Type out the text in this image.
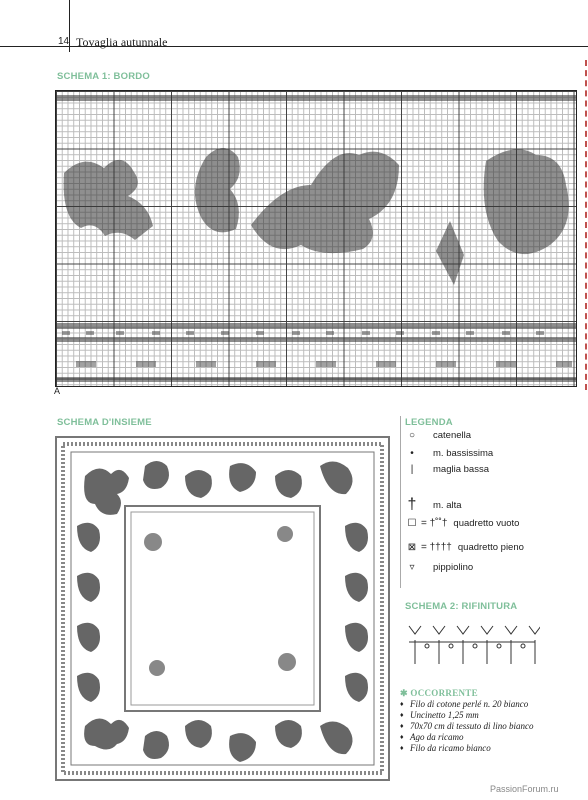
14 Tovaglia autunnale
SCHEMA 1: BORDO
A
SCHEMA D'INSIEME	LEGENDA
○	catenella
•	m. bassissima
|	maglia bassa
† m. alta
☐ = †˚˚† quadretto vuoto
⊠ = †††† quadretto pieno
▿	pippiolino
SCHEMA 2: RIFINITURA
✱ OCCORRENTE
♦ Filo di cotone perlé n. 20 bianco
♦ Uncinetto 1,25 mm
♦ 70x70 cm di tessuto di lino bianco
♦ Ago da ricamo
♦ Filo da ricamo bianco
PassionForum.ru
